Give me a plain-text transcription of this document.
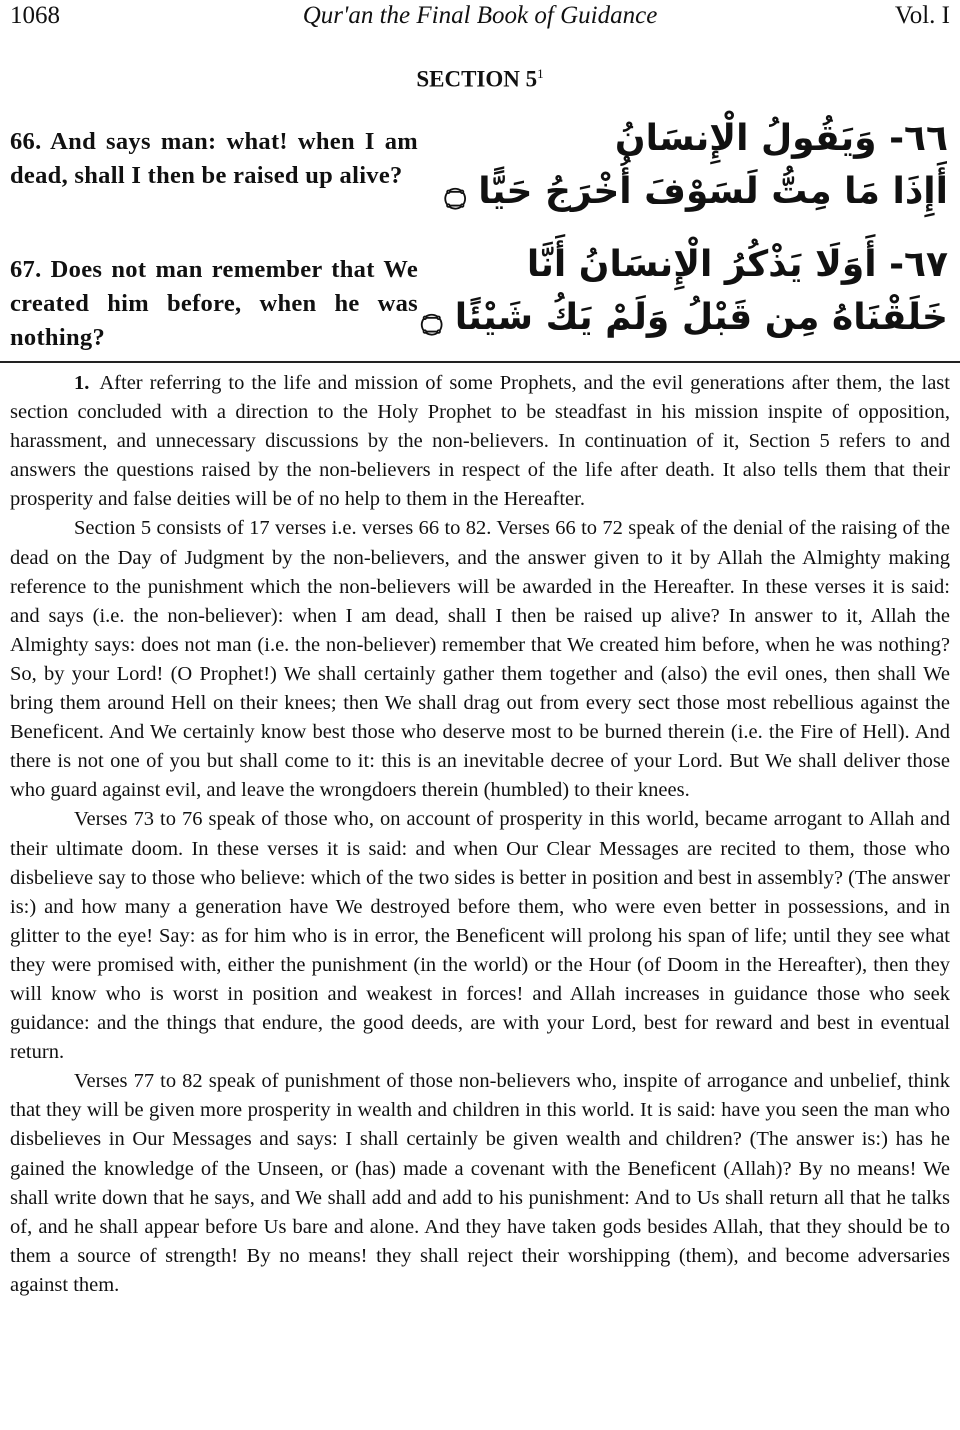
1068	Qur'an the Final Book of Guidance	Vol. I
SECTION $5^1$
66. And says man: what! when I am dead, shall I then be raised up alive?
٦٦- وَيَقُولُ الْإِنسَانُ
أَإِذَا مَا مِتُّ لَسَوْفَ أُخْرَجُ حَيًّا ۝
67. Does not man remember that We created him before, when he was nothing?
٦٧- أَوَلَا يَذْكُرُ الْإِنسَانُ أَنَّا
خَلَقْنَاهُ مِن قَبْلُ وَلَمْ يَكُ شَيْئًا ۝

1. After referring to the life and mission of some Prophets, and the evil generations after them, the last section concluded with a direction to the Holy Prophet to be steadfast in his mission inspite of opposition, harassment, and unnecessary discussions by the non-believers. In continuation of it, Section 5 refers to and answers the questions raised by the non-believers in respect of the life after death. It also tells them that their prosperity and false deities will be of no help to them in the Hereafter.

Section 5 consists of 17 verses i.e. verses 66 to 82. Verses 66 to 72 speak of the denial of the raising of the dead on the Day of Judgment by the non-believers, and the answer given to it by Allah the Almighty making reference to the punishment which the non-believers will be awarded in the Hereafter. In these verses it is said: and says (i.e. the non-believer): when I am dead, shall I then be raised up alive? In answer to it, Allah the Almighty says: does not man (i.e. the non-believer) remember that We created him before, when he was nothing? So, by your Lord! (O Prophet!) We shall certainly gather them together and (also) the evil ones, then shall We bring them around Hell on their knees; then We shall drag out from every sect those most rebellious against the Beneficent. And We certainly know best those who deserve most to be burned therein (i.e. the Fire of Hell). And there is not one of you but shall come to it: this is an inevitable decree of your Lord. But We shall deliver those who guard against evil, and leave the wrongdoers therein (humbled) to their knees.

Verses 73 to 76 speak of those who, on account of prosperity in this world, became arrogant to Allah and their ultimate doom. In these verses it is said: and when Our Clear Messages are recited to them, those who disbelieve say to those who believe: which of the two sides is better in position and best in assembly? (The answer is:) and how many a generation have We destroyed before them, who were even better in possessions, and in glitter to the eye! Say: as for him who is in error, the Beneficent will prolong his span of life; until they see what they were promised with, either the punishment (in the world) or the Hour (of Doom in the Hereafter), then they will know who is worst in position and weakest in forces! and Allah increases in guidance those who seek guidance: and the things that endure, the good deeds, are with your Lord, best for reward and best in eventual return.

Verses 77 to 82 speak of punishment of those non-believers who, inspite of arrogance and unbelief, think that they will be given more prosperity in wealth and children in this world. It is said: have you seen the man who disbelieves in Our Messages and says: I shall certainly be given wealth and children? (The answer is:) has he gained the knowledge of the Unseen, or (has) made a covenant with the Beneficent (Allah)? By no means! We shall write down that he says, and We shall add and add to his punishment: And to Us shall return all that he talks of, and he shall appear before Us bare and alone. And they have taken gods besides Allah, that they should be to them a source of strength! By no means! they shall reject their worshipping (them), and become adversaries against them.
